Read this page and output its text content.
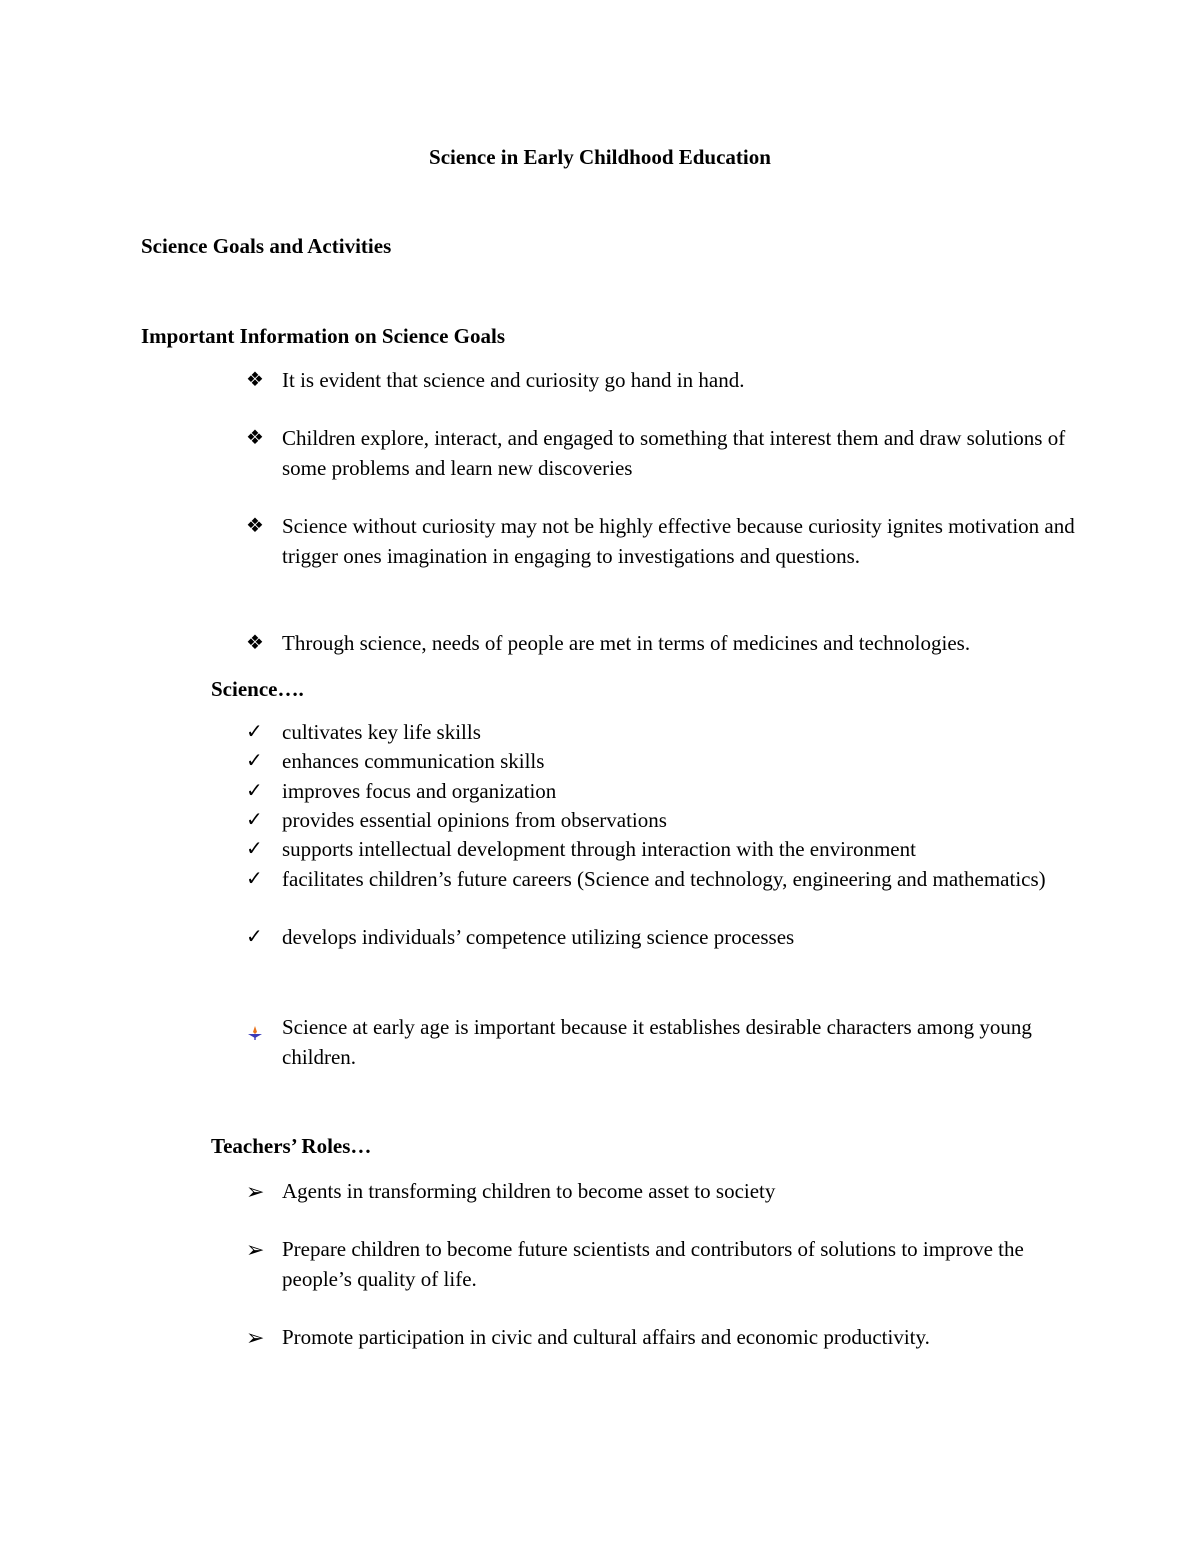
Science in Early Childhood Education
Science Goals and Activities
Important Information on Science Goals
❖ It is evident that science and curiosity go hand in hand.
❖ Children explore, interact, and engaged to something that interest them and draw solutions of some problems and learn new discoveries
❖ Science without curiosity may not be highly effective because curiosity ignites motivation and trigger ones imagination in engaging to investigations and questions.
❖ Through science, needs of people are met in terms of medicines and technologies.
Science….
✓ cultivates key life skills
✓ enhances communication skills
✓ improves focus and organization
✓ provides essential opinions from observations
✓ supports intellectual development through interaction with the environment
✓ facilitates children’s future careers (Science and technology, engineering and mathematics)
✓ develops individuals’ competence utilizing science processes
Science at early age is important because it establishes desirable characters among young children.
Teachers’ Roles…
➢ Agents in transforming children to become asset to society
➢ Prepare children to become future scientists and contributors of solutions to improve the people’s quality of life.
➢ Promote participation in civic and cultural affairs and economic productivity.
